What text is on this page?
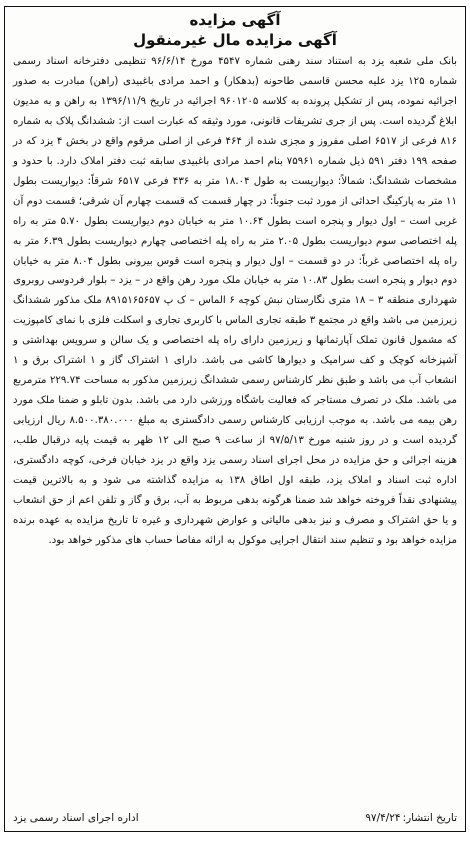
آگهی مزایده
آگهی مزایده مال غیرمنقول

بانک ملی شعبه یزد به استناد سند رهنی شماره ۴۵۴۷ مورخ ۹۶/۶/۱۴ تنظیمی دفترخانه اسناد رسمی شماره ۱۲۵ یزد علیه محسن قاسمی طاحونه (بدهکار) و احمد مرادی باغبیدی (راهن) مبادرت به صدور اجرائیه نموده، پس از تشکیل پرونده به کلاسه ۹۶۰۱۲۰۵ اجرائیه در تاریخ ۱۳۹۶/۱۱/۹ به راهن و به مدیون ابلاغ گردیده است. پس از جری تشریفات قانونی، مورد وثیقه که عبارت است از: ششدانگ پلاک به شماره ۸۱۶ فرعی از ۶۵۱۷ اصلی مفروز و مجزی شده از ۴۶۴ فرعی از اصلی مرقوم واقع در بخش ۴ یزد که در صفحه ۱۹۹ دفتر ۵۹۱ ذیل شماره ۷۵۹۶۱ بنام احمد مرادی باغبیدی سابقه ثبت دفتر املاک دارد. با حدود و مشخصات ششدانگ: شمالاً: دیواریست به طول ۱۸.۰۴ متر به ۴۳۶ فرعی ۶۵۱۷ شرقاً: دیواریست بطول ۱۱ متر به پارکینگ احداثی از مورد ثبت جنوباً: در چهار قسمت که قسمت چهارم آن شرقی؛ قسمت دوم آن غربی است – اول دیوار و پنجره است بطول ۱۰.۶۴ متر به خیابان دوم دیواریست بطول ۵.۷۰ متر به راه پله اختصاصی سوم دیواریست بطول ۲.۰۵ متر به راه پله اختصاصی چهارم دیواریست بطول ۶.۳۹ متر به راه پله اختصاصی غرباً: در دو قسمت – اول دیوار و پنجره است قوس بیرونی بطول ۸.۰۴ متر به خیابان دوم دیوار و پنجره است بطول ۱۰.۸۳ متر به خیابان ملک مورد رهن واقع در – یزد – بلوار فردوسی روبروی شهرداری منطقه ۳ – ۱۸ متری نگارستان نبش کوچه ۶ الماس – ک پ ۸۹۱۵۱۶۵۶۵۷ ملک مذکور ششدانگ زیرزمین می باشد واقع در مجتمع ۳ طبقه تجاری الماس با کاربری تجاری و اسکلت فلزی با نمای کامپوزیت که مشمول قانون تملک آپارتمانها و زیرزمین دارای راه پله اختصاصی و یک سالن و سرویس بهداشتی و آشپزخانه کوچک و کف سرامیک و دیوارها کاشی می باشد. دارای ۱ اشتراک گاز و ۱ اشتراک برق و ۱ انشعاب آب می باشد و طبق نظر کارشناس رسمی ششدانگ زیرزمین مذکور به مساحت ۲۲۹.۷۴ مترمربع می باشد. ملک در تصرف مستاجر که فعالیت باشگاه ورزشی دارد می باشد. بدون تابلو و ضمنا ملک مورد رهن بیمه می باشد. به موجب ارزیابی کارشناس رسمی دادگستری به مبلغ ۸.۵۰۰.۳۸۰.۰۰۰ ریال ارزیابی گردیده است و در روز شنبه مورخ ۹۷/۵/۱۳ از ساعت ۹ صبح الی ۱۲ ظهر به قیمت پایه درقبال طلب، هزینه اجرائی و حق مزایده در محل اجرای اسناد رسمی یزد واقع در یزد خیابان فرخی، کوچه دادگستری، اداره ثبت اسناد و املاک یزد، طبقه اول اطاق ۱۳۸ به مزایده گذاشته می شود و به بالاترین قیمت پیشنهادی نقداً فروخته خواهد شد ضمنا هرگونه بدهی مربوط به آب، برق و گاز و تلفن اعم از حق انشعاب و یا حق اشتراک و مصرف و نیز بدهی مالیاتی و عوارض شهرداری و غیره تا تاریخ مزایده به عهده برنده مزایده خواهد بود و تنظیم سند انتقال اجرایی موکول به ارائه مفاصا حساب های مذکور خواهد بود.

تاریخ انتشار:
۹۷/۴/۲۴
اداره اجرای اسناد رسمی یزد
